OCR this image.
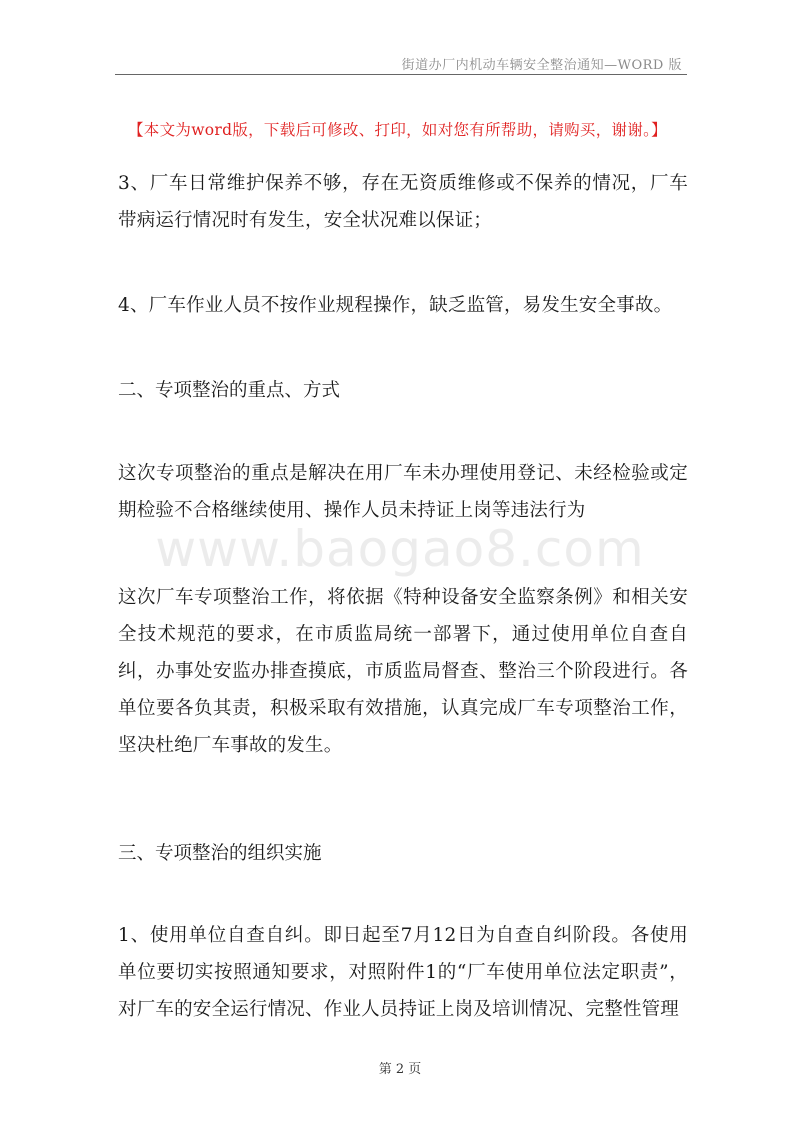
街道办厂内机动车辆安全整治通知—WORD 版
【本文为word版，下载后可修改、打印，如对您有所帮助，请购买，谢谢。】
www.baogao8.com
3、厂车日常维护保养不够，存在无资质维修或不保养的情况，厂车带病运行情况时有发生，安全状况难以保证；
4、厂车作业人员不按作业规程操作，缺乏监管，易发生安全事故。
二、专项整治的重点、方式
这次专项整治的重点是解决在用厂车未办理使用登记、未经检验或定期检验不合格继续使用、操作人员未持证上岗等违法行为
这次厂车专项整治工作，将依据《特种设备安全监察条例》和相关安全技术规范的要求，在市质监局统一部署下，通过使用单位自查自纠，办事处安监办排查摸底，市质监局督查、整治三个阶段进行。各单位要各负其责，积极采取有效措施，认真完成厂车专项整治工作，坚决杜绝厂车事故的发生。
三、专项整治的组织实施
1、使用单位自查自纠。即日起至7月12日为自查自纠阶段。各使用单位要切实按照通知要求，对照附件1的“厂车使用单位法定职责”，对厂车的安全运行情况、作业人员持证上岗及培训情况、完整性管理
第 2 页
